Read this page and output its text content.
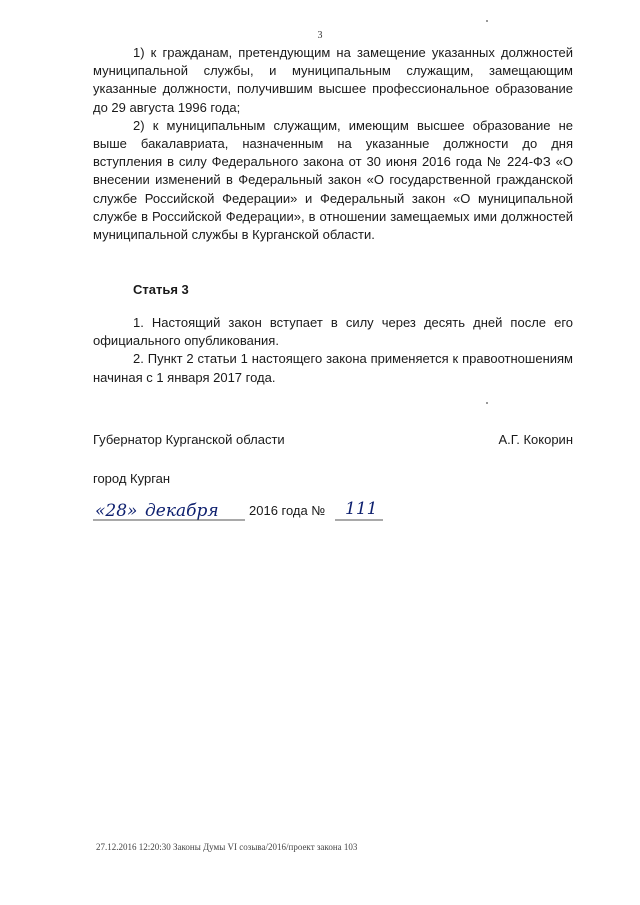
3

1) к гражданам, претендующим на замещение указанных должностей муниципальной службы, и муниципальным служащим, замещающим указанные должности, получившим высшее профессиональное образование до 29 августа 1996 года;

2) к муниципальным служащим, имеющим высшее образование не выше бакалавриата, назначенным на указанные должности до дня вступления в силу Федерального закона от 30 июня 2016 года № 224-ФЗ «О внесении изменений в Федеральный закон «О государственной гражданской службе Российской Федерации» и Федеральный закон «О муниципальной службе в Российской Федерации», в отношении замещаемых ими должностей муниципальной службы в Курганской области.

Статья 3

1. Настоящий закон вступает в силу через десять дней после его официального опубликования.

2. Пункт 2 статьи 1 настоящего закона применяется к правоотношениям начиная с 1 января 2017 года.

Губернатор Курганской области	А.Г. Кокорин
город Курган
«28» декабря	111
2016 года №
27.12.2016 12:20:30 Законы Думы VI созыва/2016/проект закона 103
